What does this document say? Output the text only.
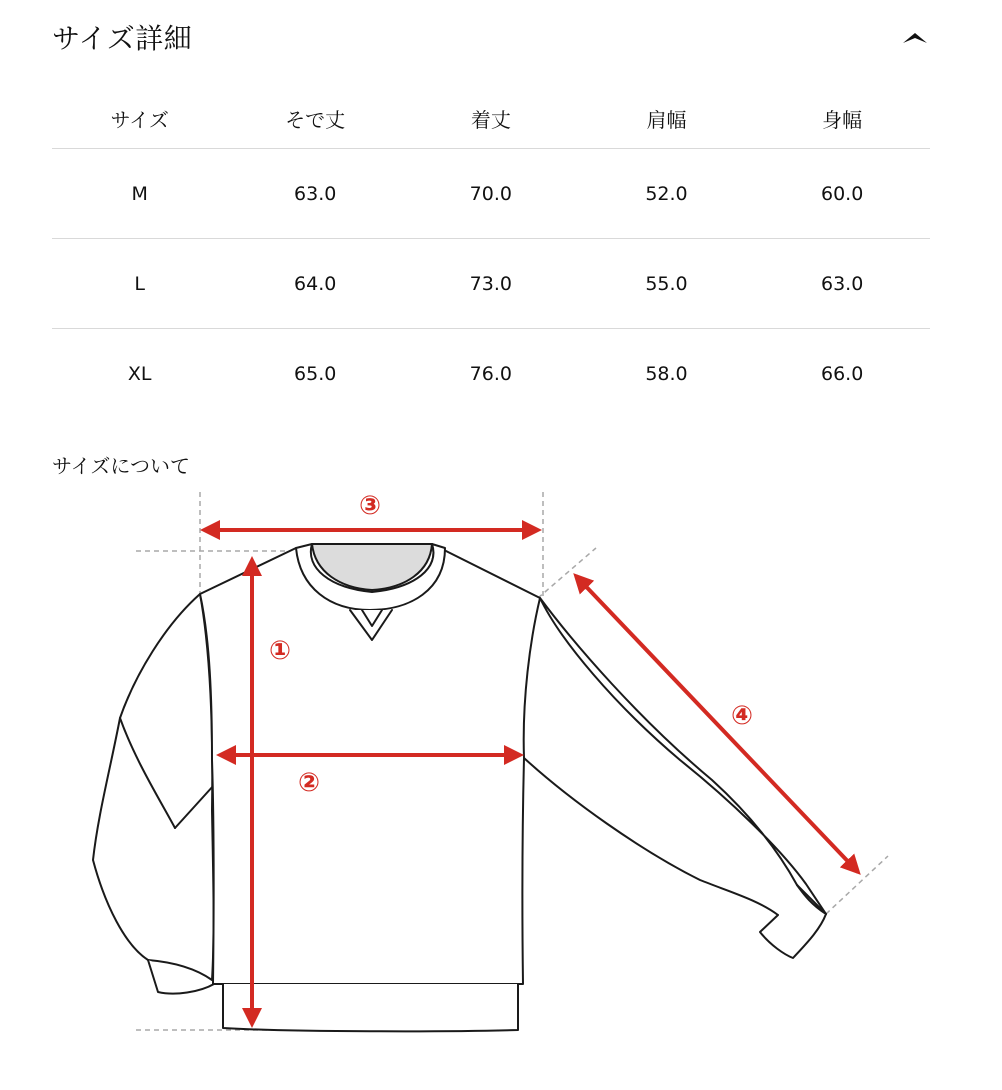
サイズ詳細
サイズ	そで丈	着丈	肩幅	身幅
M	63.0	70.0	52.0	60.0
L	64.0	73.0	55.0	63.0
XL	65.0	76.0	58.0	66.0
サイズについて
①
②
③
④
